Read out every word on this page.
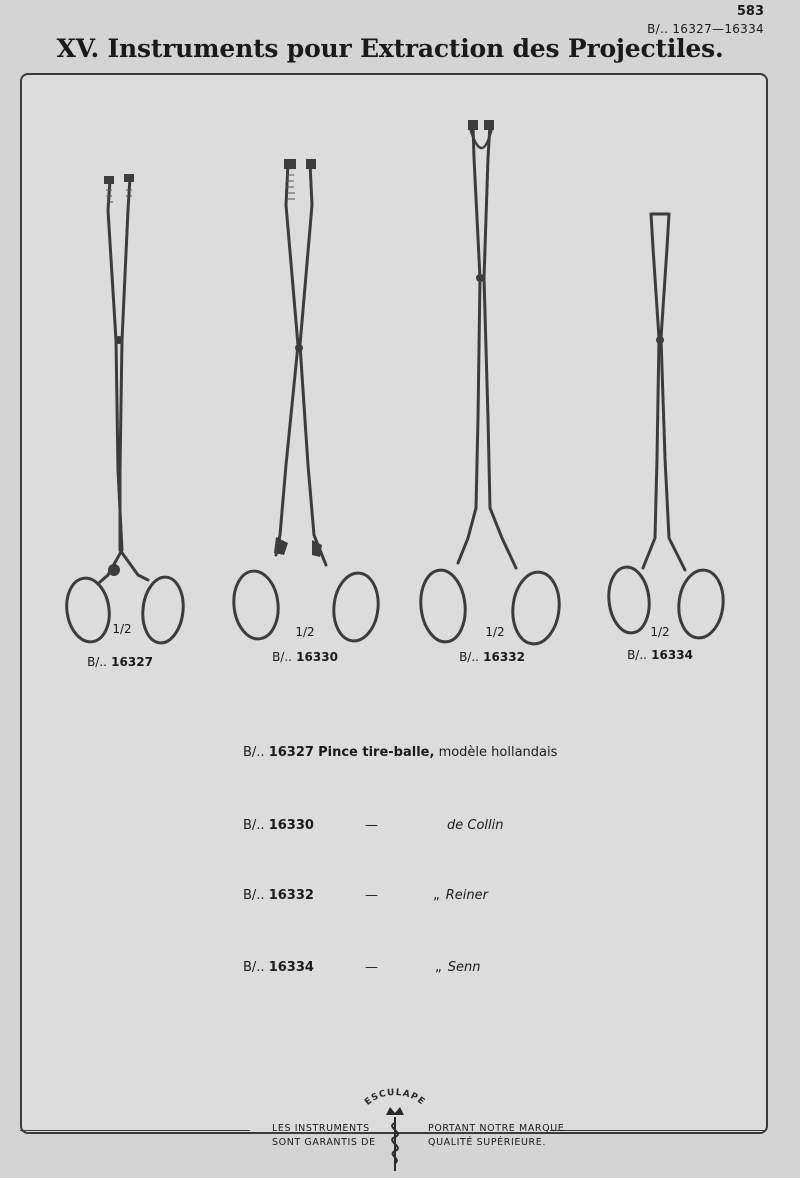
583
B/.. 16327—16334
XV. Instruments pour Extraction des Projectiles.
1/2
B/.. 16327
1/2
B/.. 16330
1/2
B/.. 16332
1/2
B/.. 16334
B/.. 16327 Pince tire-balle, modèle hollandais
B/.. 16330	—	de Collin
B/.. 16332	—	„ Reiner
B/.. 16334	—	„ Senn
ESCULAPE
LES INSTRUMENTS
SONT GARANTIS DE
PORTANT NOTRE MARQUE
QUALITÉ SUPÉRIEURE.
